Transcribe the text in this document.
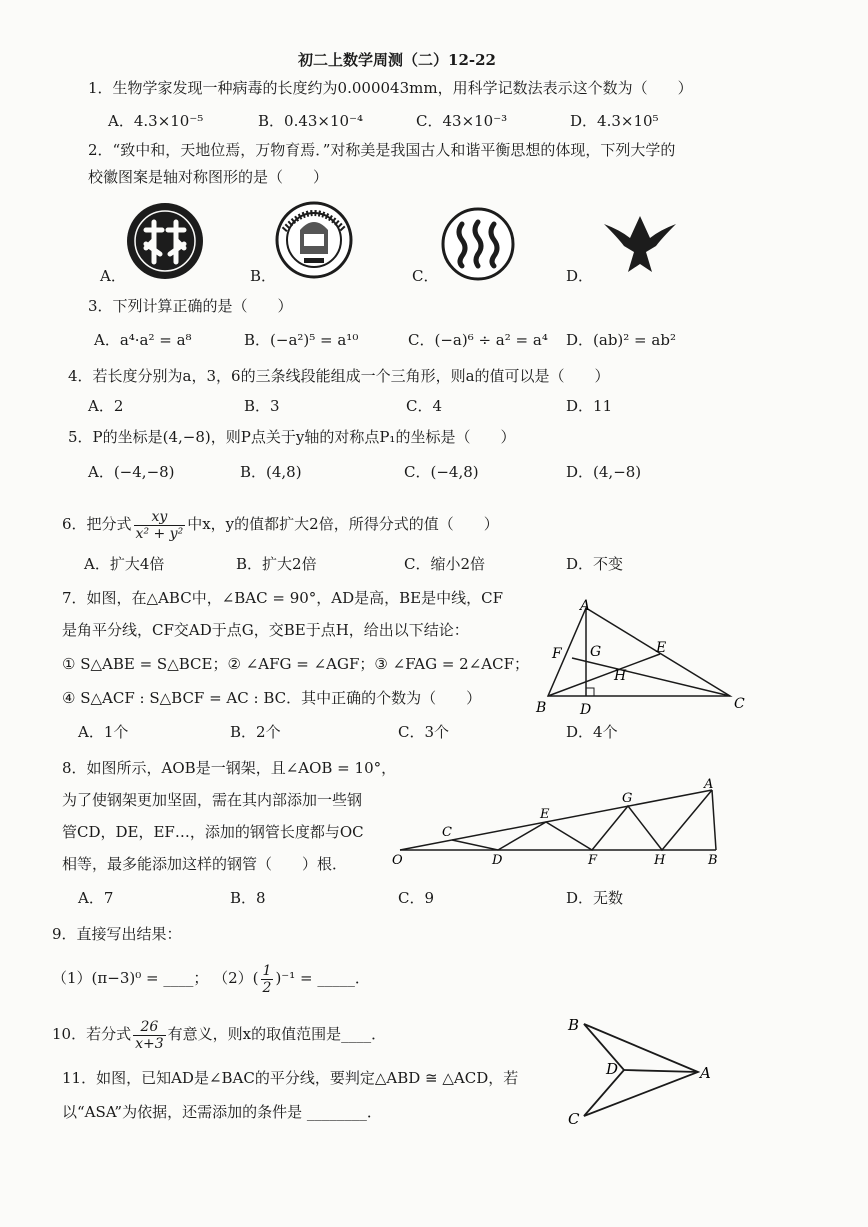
初二上数学周测（二）12-22
1．生物学家发现一种病毒的长度约为0.000043mm，用科学记数法表示这个数为（　　）
A．4.3×10⁻⁵	B．0.43×10⁻⁴	C．43×10⁻³	D．4.3×10⁵
2．“致中和，天地位焉，万物育焉．”对称美是我国古人和谐平衡思想的体现，下列大学的
校徽图案是轴对称图形的是（　　）
A．	B．	C．	D．
3．下列计算正确的是（　　）
A．a⁴·a² = a⁸	B．(−a²)⁵ = a¹⁰	C．(−a)⁶ ÷ a² = a⁴ D．(ab)² = ab²
4．若长度分别为a，3，6的三条线段能组成一个三角形，则a的值可以是（　　）
A．2	B．3	C．4	D．11
5．P的坐标是(4,−8)，则P点关于y轴的对称点P₁的坐标是（　　）
A．(−4,−8)	B．(4,8)	C．(−4,8)	D．(4,−8)
6．把分式 $\frac{xy}{\text{x² + y²}}$ 中x，y的值都扩大2倍，所得分式的值（　　）
A．扩大4倍	B．扩大2倍	C．缩小2倍	D．不变
7．如图，在△ABC中，∠BAC = 90°，AD是高，BE是中线，CF
是角平分线，CF交AD于点G，交BE于点H，给出以下结论：
① S△ABE = S△BCE；② ∠AFG = ∠AGF；③ ∠FAG = 2∠ACF；
④ S△ACF : S△BCF = AC : BC．其中正确的个数为（　　）
A．1个	B．2个	C．3个	D．4个
A
F G	E
H
B D	C
8．如图所示，AOB是一钢架，且∠AOB = 10°，
为了使钢架更加坚固，需在其内部添加一些钢
管CD，DE，EF…，添加的钢管长度都与OC
相等，最多能添加这样的钢管（　　）根．
A．7	B．8	C．9	D．无数
A
G
E
C
O	D	F	H	B
9．直接写出结果：
（1）(π−3)⁰ = ____； $(2)( \frac{1}{2} )^{-1}$ = _____．
10．若分式 $\frac{26}{x+3}$ 有意义，则x的取值范围是____．
11．如图，已知AD是∠BAC的平分线，要判定△ABD ≅ △ACD，若
以“ASA”为依据，还需添加的条件是 ________．
B
D	A
C
